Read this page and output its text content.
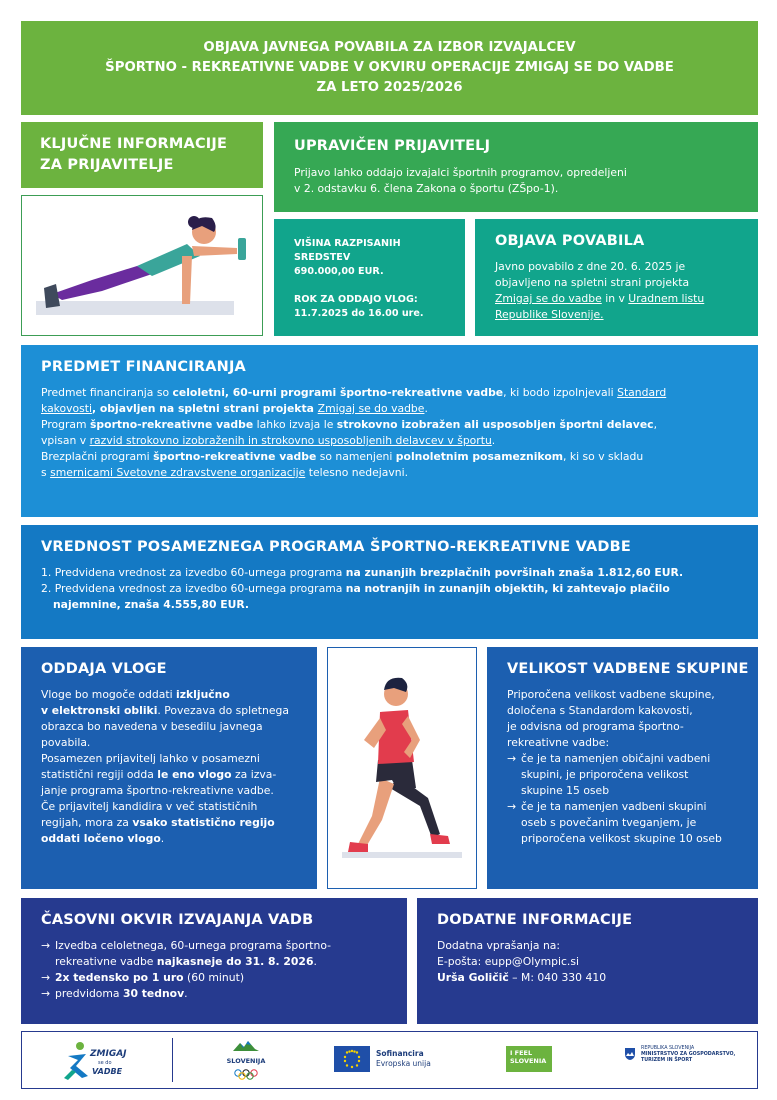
OBJAVA JAVNEGA POVABILA ZA IZBOR IZVAJALCEV
ŠPORTNO - REKREATIVNE VADBE V OKVIRU OPERACIJE ZMIGAJ SE DO VADBE
ZA LETO 2025/2026
KLJUČNE INFORMACIJE
ZA PRIJAVITELJE
UPRAVIČEN PRIJAVITELJ

Prijavo lahko oddajo izvajalci športnih programov, opredeljeni

v 2. odstavku 6. člena Zakona o športu (ZŠpo-1).

VIŠINA RAZPISANIH
SREDSTEV
690.000,00 EUR.
ROK ZA ODDAJO VLOG:
11.7.2025 do 16.00 ure.
OBJAVA POVABILA

Javno povabilo z dne 20. 6. 2025 je

objavljeno na spletni strani projekta

Zmigaj se do vadbe in v Uradnem listu

Republike Slovenije.

PREDMET FINANCIRANJA

Predmet financiranja so celoletni, 60-urni programi športno-rekreativne vadbe, ki bodo izpolnjevali Standard

kakovosti, objavljen na spletni strani projekta Zmigaj se do vadbe.

Program športno-rekreativne vadbe lahko izvaja le strokovno izobražen ali usposobljen športni delavec,

vpisan v razvid strokovno izobraženih in strokovno usposobljenih delavcev v športu.

Brezplačni programi športno-rekreativne vadbe so namenjeni polnoletnim posameznikom, ki so v skladu

s smernicami Svetovne zdravstvene organizacije telesno nedejavni.

VREDNOST POSAMEZNEGA PROGRAMA ŠPORTNO-REKREATIVNE VADBE

1. Predvidena vrednost za izvedbo 60-urnega programa na zunanjih brezplačnih površinah znaša 1.812,60 EUR.

2. Predvidena vrednost za izvedbo 60-urnega programa na notranjih in zunanjih objektih, ki zahtevajo plačilo

najemnine, znaša 4.555,80 EUR.

ODDAJA VLOGE

Vloge bo mogoče oddati izključno

v elektronski obliki. Povezava do spletnega

obrazca bo navedena v besedilu javnega

povabila.

Posamezen prijavitelj lahko v posamezni

statistični regiji odda le eno vlogo za izva-

janje programa športno-rekreativne vadbe.

Če prijavitelj kandidira v več statističnih

regijah, mora za vsako statistično regijo

oddati ločeno vlogo.

VELIKOST VADBENE SKUPINE

Priporočena velikost vadbene skupine,

določena s Standardom kakovosti,

je odvisna od programa športno-

rekreativne vadbe:

→ če je ta namenjen običajni vadbeni
skupini, je priporočena velikost
skupine 15 oseb
→ če je ta namenjen vadbeni skupini
oseb s povečanim tveganjem, je
priporočena velikost skupine 10 oseb
ČASOVNI OKVIR IZVAJANJA VADB
→ Izvedba celoletnega, 60-urnega programa športno-
rekreativne vadbe najkasneje do 31. 8. 2026.
→ 2x tedensko po 1 uro (60 minut)
→ predvidoma 30 tednov.
DODATNE INFORMACIJE

Dodatna vprašanja na:

E-pošta: eupp@Olympic.si

Urša Goličič – M: 040 330 410

ZMIGAJ
se do
VADBE
SLOVENIJA
Sofinancira
Evropska unija
I FEEL
SLOVENIA
REPUBLIKA SLOVENIJA
MINISTRSTVO ZA GOSPODARSTVO,
TURIZEM IN ŠPORT
